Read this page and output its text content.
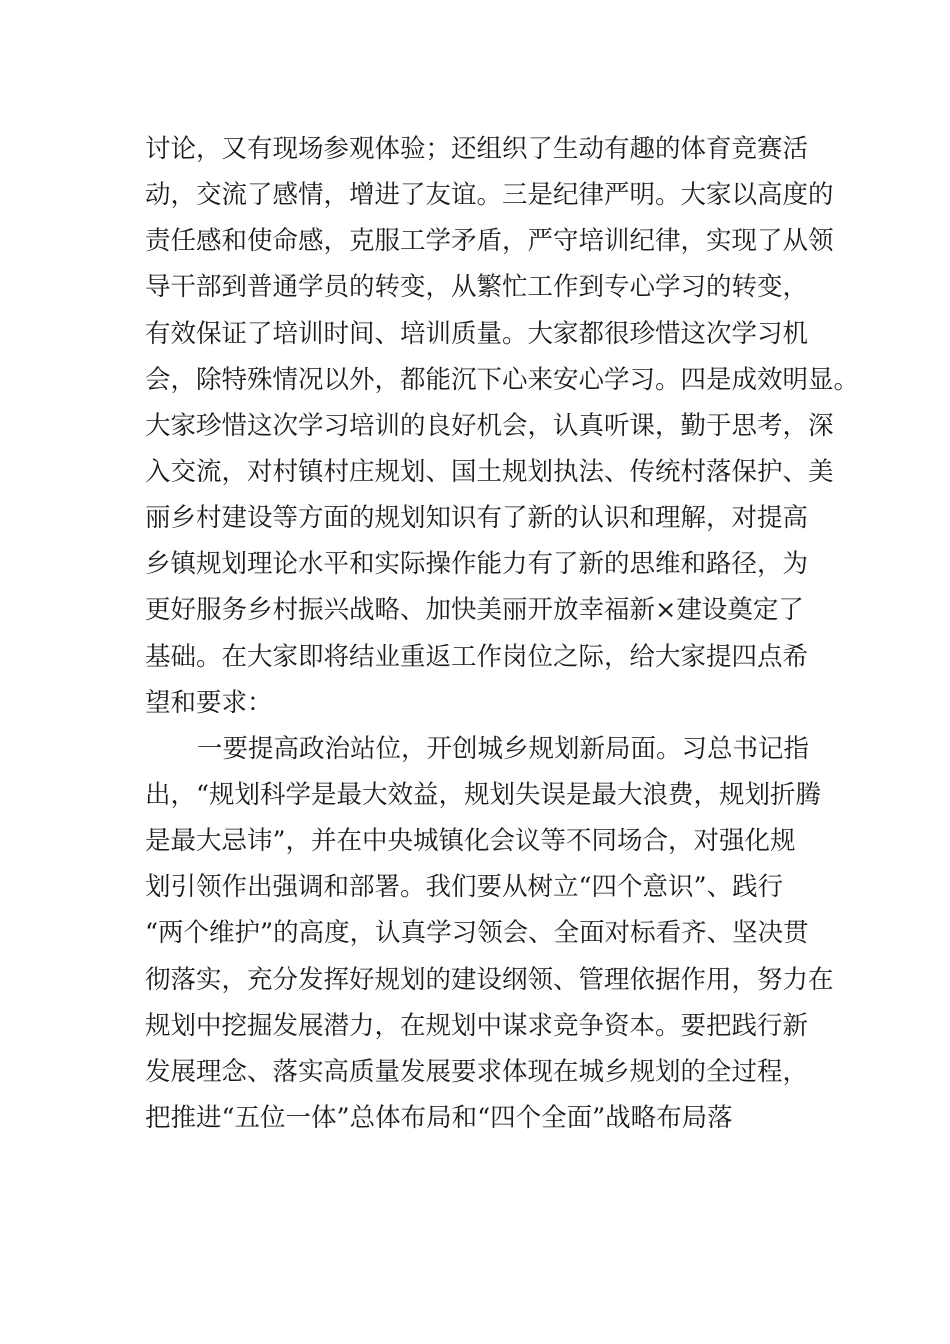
讨论，又有现场参观体验；还组织了生动有趣的体育竞赛活
动，交流了感情，增进了友谊。三是纪律严明。大家以高度的
责任感和使命感，克服工学矛盾，严守培训纪律，实现了从领
导干部到普通学员的转变，从繁忙工作到专心学习的转变，
有效保证了培训时间、培训质量。大家都很珍惜这次学习机
会，除特殊情况以外，都能沉下心来安心学习。四是成效明显。
大家珍惜这次学习培训的良好机会，认真听课，勤于思考，深
入交流，对村镇村庄规划、国土规划执法、传统村落保护、美
丽乡村建设等方面的规划知识有了新的认识和理解，对提高
乡镇规划理论水平和实际操作能力有了新的思维和路径，为
更好服务乡村振兴战略、加快美丽开放幸福新×建设奠定了
基础。在大家即将结业重返工作岗位之际，给大家提四点希
望和要求：
一要提高政治站位，开创城乡规划新局面。习总书记指
出，“规划科学是最大效益，规划失误是最大浪费，规划折腾
是最大忌讳”，并在中央城镇化会议等不同场合，对强化规
划引领作出强调和部署。我们要从树立“四个意识”、践行
“两个维护”的高度，认真学习领会、全面对标看齐、坚决贯
彻落实，充分发挥好规划的建设纲领、管理依据作用，努力在
规划中挖掘发展潜力，在规划中谋求竞争资本。要把践行新
发展理念、落实高质量发展要求体现在城乡规划的全过程，
把推进“五位一体”总体布局和“四个全面”战略布局落
